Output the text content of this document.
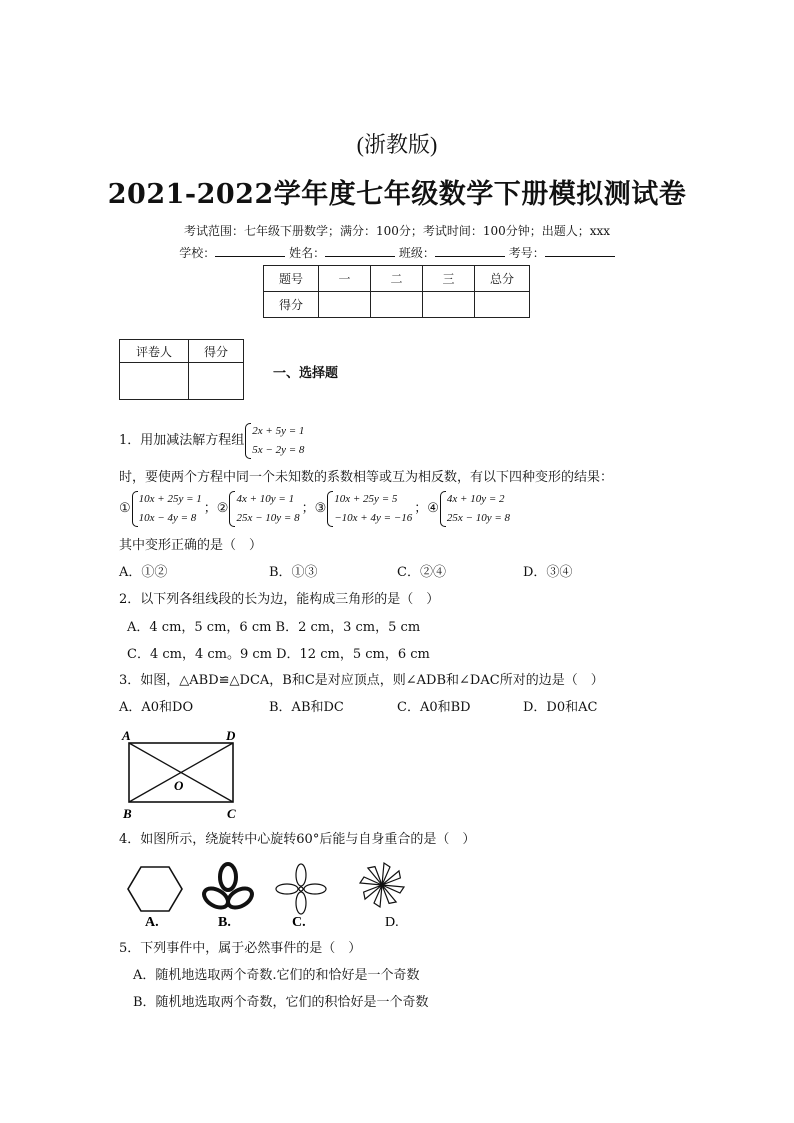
(浙教版)
2021-2022学年度七年级数学下册模拟测试卷
考试范围：七年级下册数学；满分：100分；考试时间：100分钟；出题人；xxx
学校：	姓名：	班级：	考号：
题号	一	二	三	总分
得分				
评卷人	得分

一、选择题
1．用加减法解方程组
2x + 5y = 1
5x − 2y = 8
时，要使两个方程中同一个未知数的系数相等或互为相反数，有以下四种变形的结果：
①
10x + 25y = 1
10x − 4y = 8
；②
4x + 10y = 1
25x − 10y = 8
；③
10x + 25y = 5
−10x + 4y = −16
；④
4x + 10y = 2
25x − 10y = 8
其中变形正确的是（　）
A．①②	B．①③	C．②④	D．③④
2．以下列各组线段的长为边，能构成三角形的是（　）
A．4 cm，5 cm，6 cm B．2 cm，3 cm，5 cm
C．4 cm，4 cm。9 cm D．12 cm，5 cm，6 cm
3．如图，△ABD≌△DCA，B和C是对应顶点，则∠ADB和∠DAC所对的边是（　）
A．A0和DO	B．AB和DC	C．A0和BD	D．D0和AC
A	D
O
B	C
4．如图所示，绕旋转中心旋转60°后能与自身重合的是（　）
A.	B.	C.	D.
5．下列事件中，属于必然事件的是（　）
A．随机地选取两个奇数.它们的和恰好是一个奇数
B．随机地选取两个奇数，它们的积恰好是一个奇数
